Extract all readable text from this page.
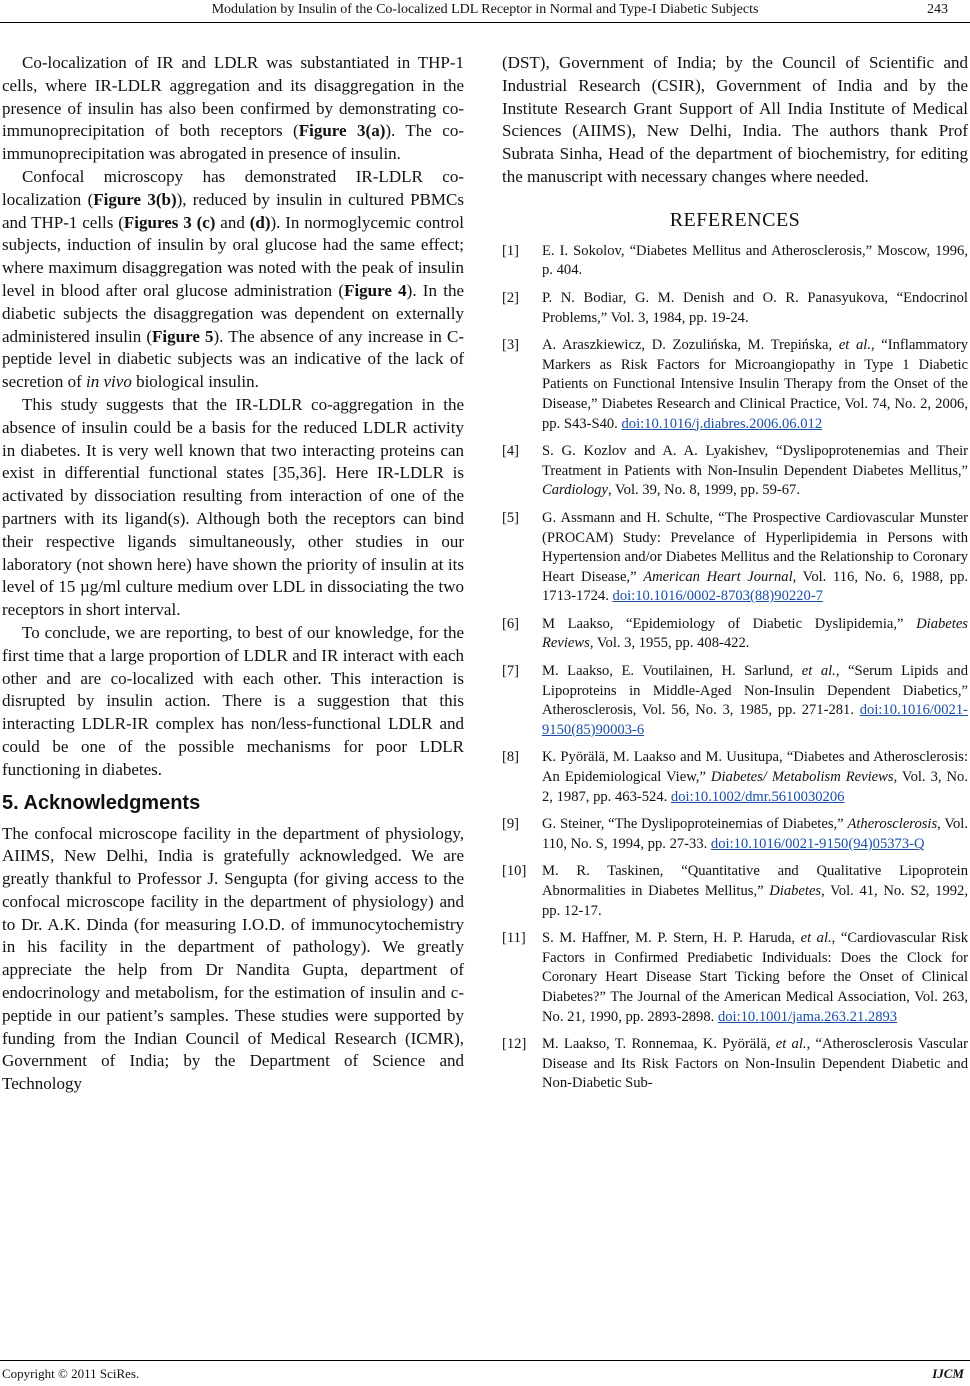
Modulation by Insulin of the Co-localized LDL Receptor in Normal and Type-I Diabetic Subjects	243

Co-localization of IR and LDLR was substantiated in THP-1 cells, where IR-LDLR aggregation and its disaggregation in the presence of insulin has also been confirmed by demonstrating co-immunoprecipitation of both receptors (Figure 3(a)). The co-immunoprecipitation was abrogated in presence of insulin.

Confocal microscopy has demonstrated IR-LDLR co-localization (Figure 3(b)), reduced by insulin in cultured PBMCs and THP-1 cells (Figures 3 (c) and (d)). In normoglycemic control subjects, induction of insulin by oral glucose had the same effect; where maximum disaggregation was noted with the peak of insulin level in blood after oral glucose administration (Figure 4). In the diabetic subjects the disaggregation was dependent on externally administered insulin (Figure 5). The absence of any increase in C-peptide level in diabetic subjects was an indicative of the lack of secretion of in vivo biological insulin.

This study suggests that the IR-LDLR co-aggregation in the absence of insulin could be a basis for the reduced LDLR activity in diabetes. It is very well known that two interacting proteins can exist in differential functional states [35,36]. Here IR-LDLR is activated by dissociation resulting from interaction of one of the partners with its ligand(s). Although both the receptors can bind their respective ligands simultaneously, other studies in our laboratory (not shown here) have shown the priority of insulin at its level of 15 µg/ml culture medium over LDL in dissociating the two receptors in short interval.

To conclude, we are reporting, to best of our knowledge, for the first time that a large proportion of LDLR and IR interact with each other and are co-localized with each other. This interaction is disrupted by insulin action. There is a suggestion that this interacting LDLR-IR complex has non/less-functional LDLR and could be one of the possible mechanisms for poor LDLR functioning in diabetes.

5. Acknowledgments

The confocal microscope facility in the department of physiology, AIIMS, New Delhi, India is gratefully acknowledged. We are greatly thankful to Professor J. Sengupta (for giving access to the confocal microscope facility in the department of physiology) and to Dr. A.K. Dinda (for measuring I.O.D. of immunocytochemistry in his facility in the department of pathology). We greatly appreciate the help from Dr Nandita Gupta, department of endocrinology and metabolism, for the estimation of insulin and c-peptide in our patient’s samples. These studies were supported by funding from the Indian Council of Medical Research (ICMR), Government of India; by the Department of Science and Technology

(DST), Government of India; by the Council of Scientific and Industrial Research (CSIR), Government of India and by the Institute Research Grant Support of All India Institute of Medical Sciences (AIIMS), New Delhi, India. The authors thank Prof Subrata Sinha, Head of the department of biochemistry, for editing the manuscript with necessary changes where needed.

REFERENCES
[1]	E. I. Sokolov, “Diabetes Mellitus and Atherosclerosis,” Moscow, 1996, p. 404.
[2]	P. N. Bodiar, G. M. Denish and O. R. Panasyukova, “Endocrinol Problems,” Vol. 3, 1984, pp. 19-24.
[3]	A. Araszkiewicz, D. Zozulińska, M. Trepińska, et al., “Inflammatory Markers as Risk Factors for Microangiopathy in Type 1 Diabetic Patients on Functional Intensive Insulin Therapy from the Onset of the Disease,” Diabetes Research and Clinical Practice, Vol. 74, No. 2, 2006, pp. S43-S40. doi:10.1016/j.diabres.2006.06.012
[4]	S. G. Kozlov and A. A. Lyakishev, “Dyslipoprotenemias and Their Treatment in Patients with Non-Insulin Dependent Diabetes Mellitus,” Cardiology, Vol. 39, No. 8, 1999, pp. 59-67.
[5]	G. Assmann and H. Schulte, “The Prospective Cardiovascular Munster (PROCAM) Study: Prevelance of Hyperlipidemia in Persons with Hypertension and/or Diabetes Mellitus and the Relationship to Coronary Heart Disease,” American Heart Journal, Vol. 116, No. 6, 1988, pp. 1713-1724. doi:10.1016/0002-8703(88)90220-7
[6]	M Laakso, “Epidemiology of Diabetic Dyslipidemia,” Diabetes Reviews, Vol. 3, 1955, pp. 408-422.
[7]	M. Laakso, E. Voutilainen, H. Sarlund, et al., “Serum Lipids and Lipoproteins in Middle-Aged Non-Insulin Dependent Diabetics,” Atherosclerosis, Vol. 56, No. 3, 1985, pp. 271-281. doi:10.1016/0021-9150(85)90003-6
[8]	K. Pyörälä, M. Laakso and M. Uusitupa, “Diabetes and Atherosclerosis: An Epidemiological View,” Diabetes/ Metabolism Reviews, Vol. 3, No. 2, 1987, pp. 463-524. doi:10.1002/dmr.5610030206
[9]	G. Steiner, “The Dyslipoproteinemias of Diabetes,” Atherosclerosis, Vol. 110, No. S, 1994, pp. 27-33. doi:10.1016/0021-9150(94)05373-Q
[10]	M. R. Taskinen, “Quantitative and Qualitative Lipoprotein Abnormalities in Diabetes Mellitus,” Diabetes, Vol. 41, No. S2, 1992, pp. 12-17.
[11]	S. M. Haffner, M. P. Stern, H. P. Haruda, et al., “Cardiovascular Risk Factors in Confirmed Prediabetic Individuals: Does the Clock for Coronary Heart Disease Start Ticking before the Onset of Clinical Diabetes?” The Journal of the American Medical Association, Vol. 263, No. 21, 1990, pp. 2893-2898. doi:10.1001/jama.263.21.2893
[12]	M. Laakso, T. Ronnemaa, K. Pyörälä, et al., “Atherosclerosis Vascular Disease and Its Risk Factors on Non-Insulin Dependent Diabetic and Non-Diabetic Sub-
Copyright © 2011 SciRes.	IJCM
